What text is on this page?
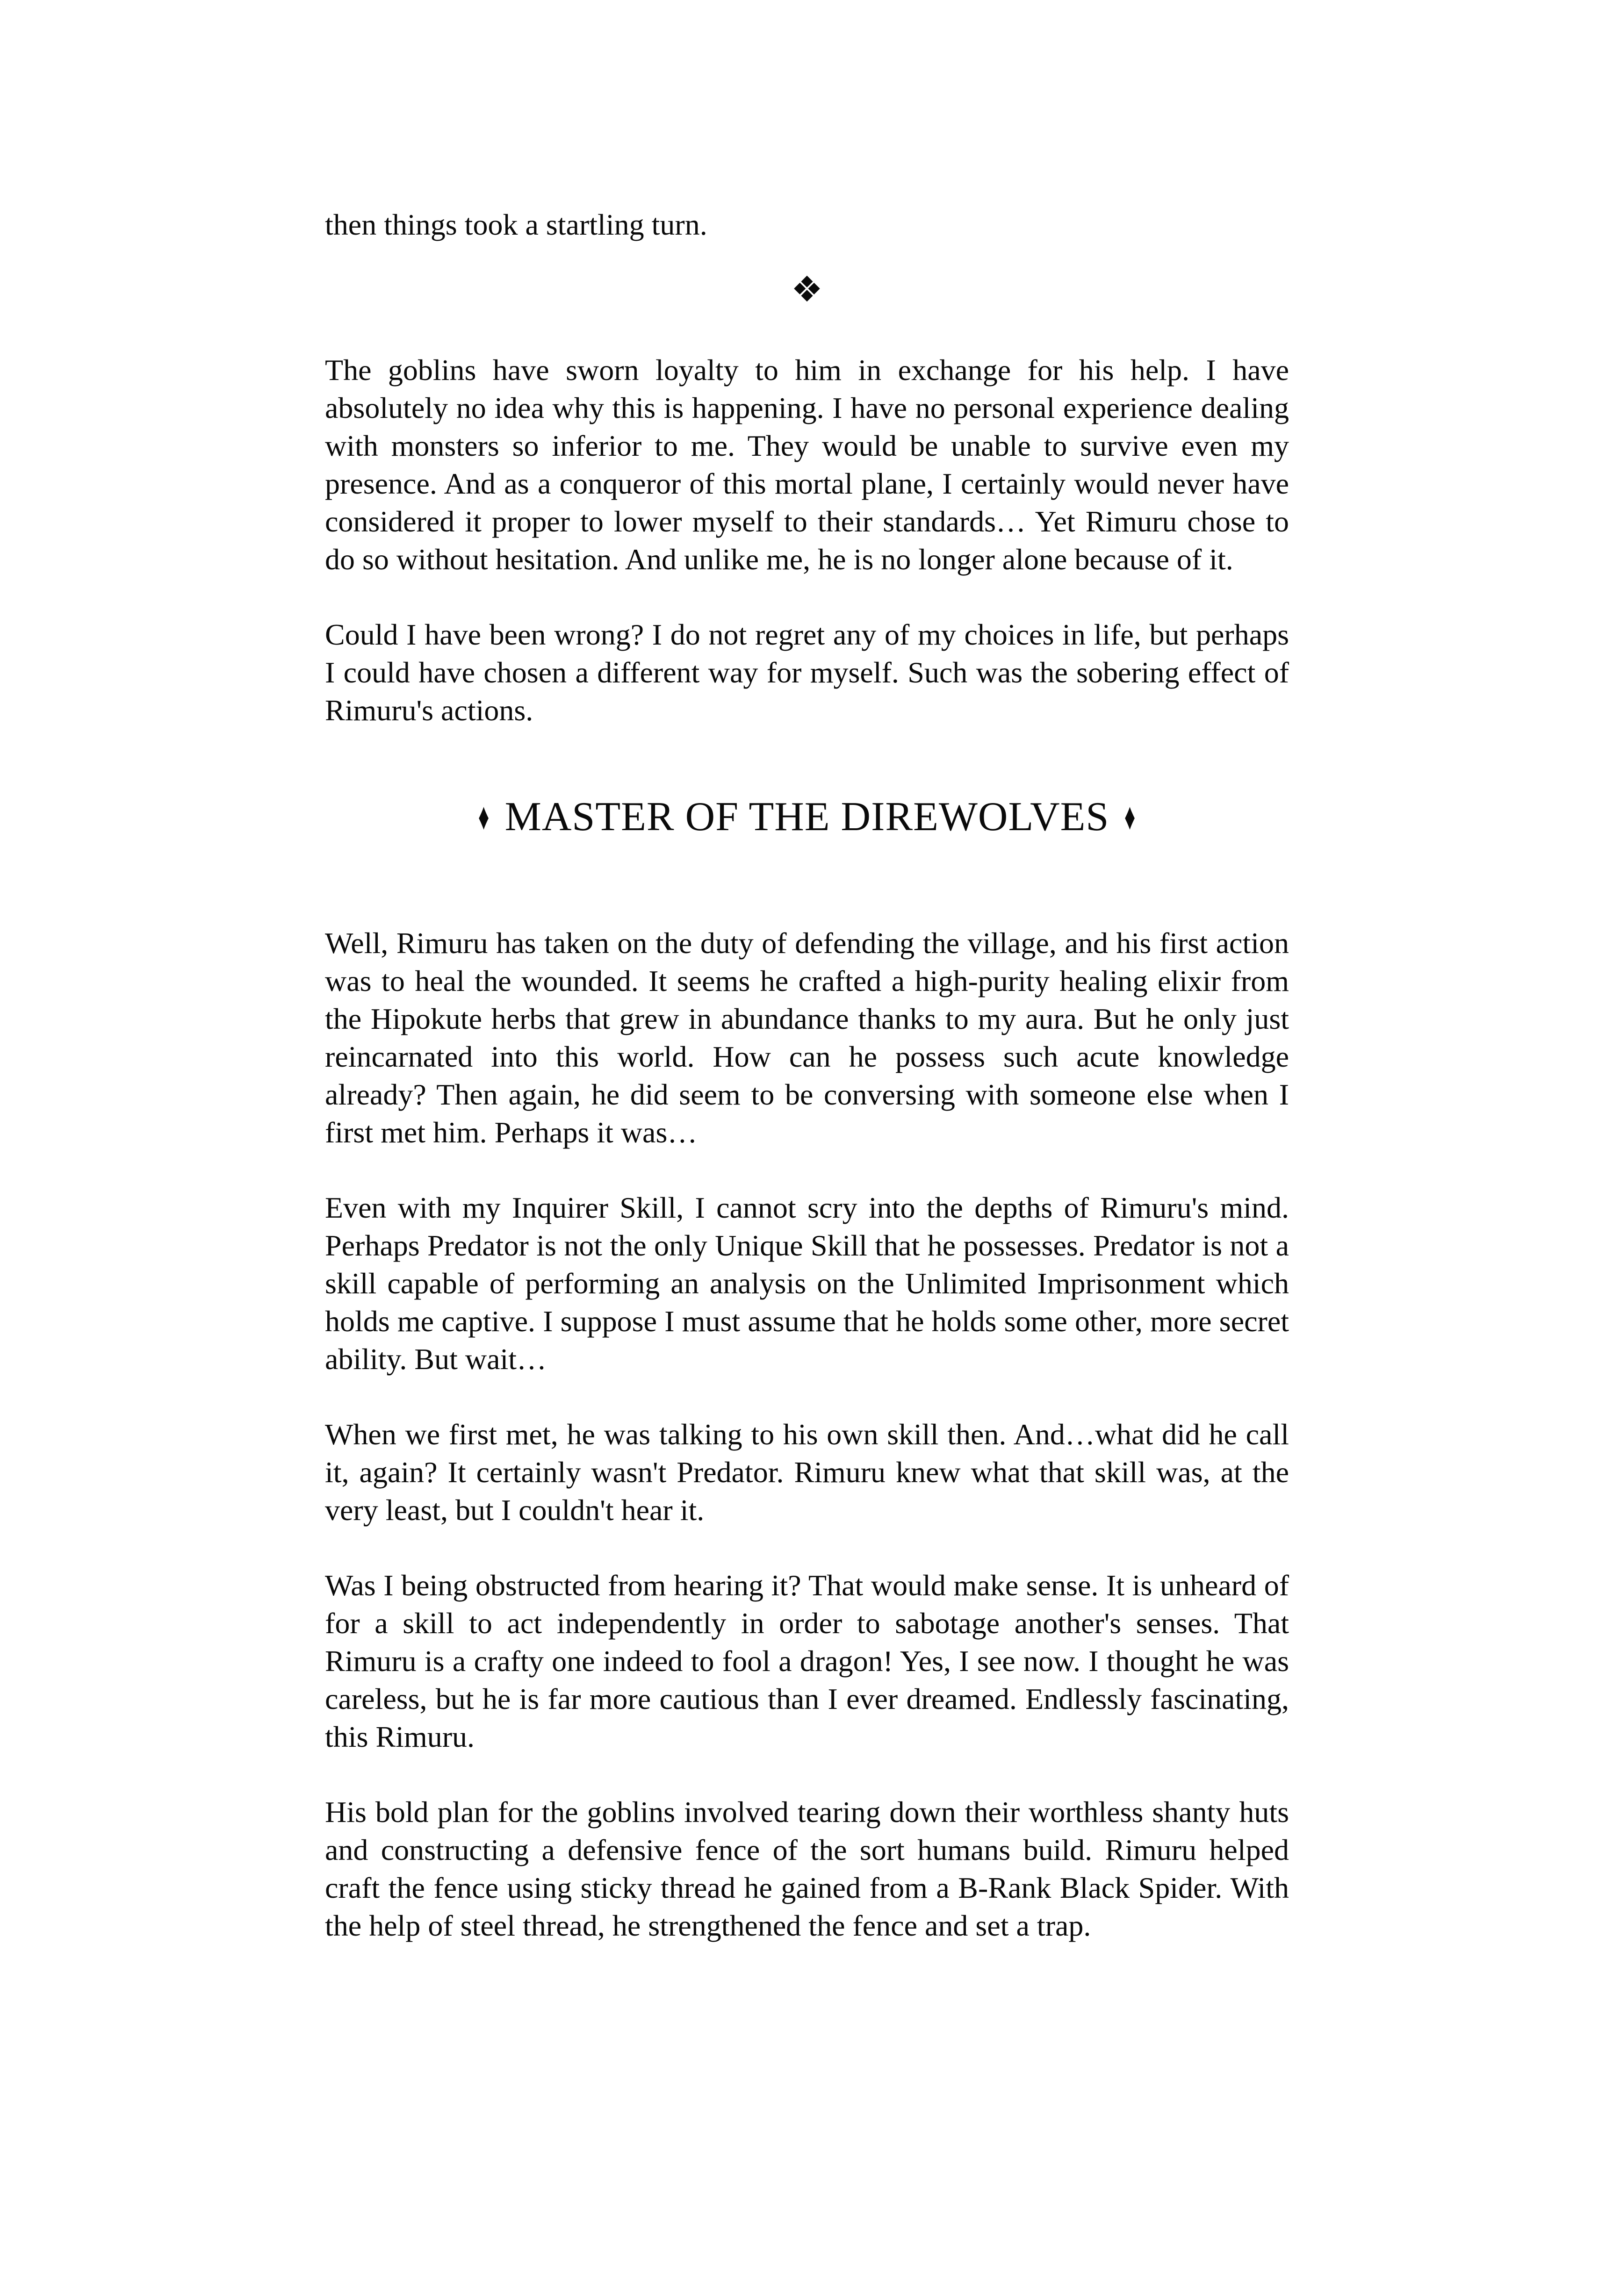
then things took a startling turn.

❖

The goblins have sworn loyalty to him in exchange for his help. I have absolutely no idea why this is happening. I have no personal experience dealing with monsters so inferior to me. They would be unable to survive even my presence. And as a conqueror of this mortal plane, I certainly would never have considered it proper to lower myself to their standards… Yet Rimuru chose to do so without hesitation. And unlike me, he is no longer alone because of it.

Could I have been wrong? I do not regret any of my choices in life, but perhaps I could have chosen a different way for myself. Such was the sobering effect of Rimuru's actions.

♦ MASTER OF THE DIREWOLVES ♦

Well, Rimuru has taken on the duty of defending the village, and his first action was to heal the wounded. It seems he crafted a high-purity healing elixir from the Hipokute herbs that grew in abundance thanks to my aura. But he only just reincarnated into this world. How can he possess such acute knowledge already? Then again, he did seem to be conversing with someone else when I first met him. Perhaps it was…

Even with my Inquirer Skill, I cannot scry into the depths of Rimuru's mind. Perhaps Predator is not the only Unique Skill that he possesses. Predator is not a skill capable of performing an analysis on the Unlimited Imprisonment which holds me captive. I suppose I must assume that he holds some other, more secret ability. But wait…

When we first met, he was talking to his own skill then. And…what did he call it, again? It certainly wasn't Predator. Rimuru knew what that skill was, at the very least, but I couldn't hear it.

Was I being obstructed from hearing it? That would make sense. It is unheard of for a skill to act independently in order to sabotage another's senses. That Rimuru is a crafty one indeed to fool a dragon! Yes, I see now. I thought he was careless, but he is far more cautious than I ever dreamed. Endlessly fascinating, this Rimuru.

His bold plan for the goblins involved tearing down their worthless shanty huts and constructing a defensive fence of the sort humans build. Rimuru helped craft the fence using sticky thread he gained from a B-Rank Black Spider. With the help of steel thread, he strengthened the fence and set a trap.
